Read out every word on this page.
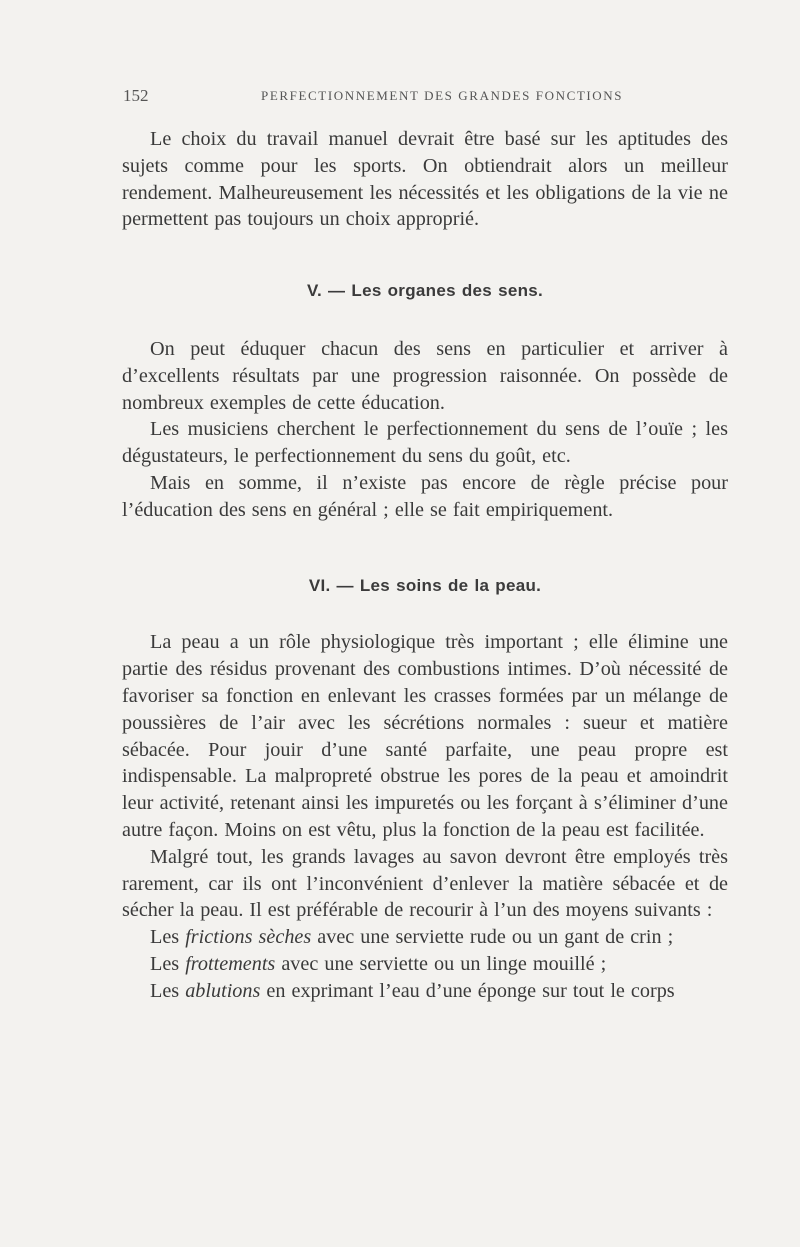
152	PERFECTIONNEMENT DES GRANDES FONCTIONS

Le choix du travail manuel devrait être basé sur les aptitudes des sujets comme pour les sports. On obtiendrait alors un meilleur rendement. Malheureusement les nécessités et les obligations de la vie ne permettent pas toujours un choix approprié.

V. — Les organes des sens.

On peut éduquer chacun des sens en particulier et arriver à d’excellents résultats par une progression raisonnée. On possède de nombreux exemples de cette éducation.

Les musiciens cherchent le perfectionnement du sens de l’ouïe ; les dégustateurs, le perfectionnement du sens du goût, etc.

Mais en somme, il n’existe pas encore de règle précise pour l’éducation des sens en général ; elle se fait empiriquement.

VI. — Les soins de la peau.

La peau a un rôle physiologique très important ; elle élimine une partie des résidus provenant des combustions intimes. D’où nécessité de favoriser sa fonction en enlevant les crasses formées par un mélange de poussières de l’air avec les sécrétions normales : sueur et matière sébacée. Pour jouir d’une santé parfaite, une peau propre est indispensable. La malpropreté obstrue les pores de la peau et amoindrit leur activité, retenant ainsi les impuretés ou les forçant à s’éliminer d’une autre façon. Moins on est vêtu, plus la fonction de la peau est facilitée.

Malgré tout, les grands lavages au savon devront être employés très rarement, car ils ont l’inconvénient d’enlever la matière sébacée et de sécher la peau. Il est préférable de recourir à l’un des moyens suivants :

Les frictions sèches avec une serviette rude ou un gant de crin ;

Les frottements avec une serviette ou un linge mouillé ;

Les ablutions en exprimant l’eau d’une éponge sur tout le corps
